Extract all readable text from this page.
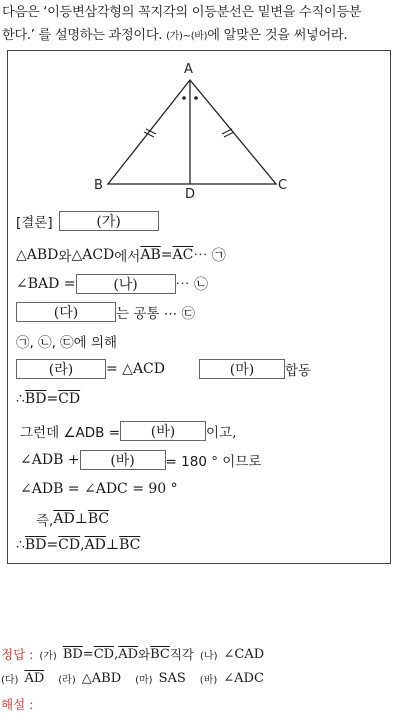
다음은 ‘이등변삼각형의 꼭지각의 이등분선은 밑변을 수직이등분
한다.’ 를 설명하는 과정이다. (가)~(바)에 알맞은 것을 써넣어라.
A
B	C
D
[결론]	(가)
△ABD 와 △ACD 에서 $\overline{AB} = \overline{AC}$ ⋯ ㉠
∠BAD =	(나)	⋯ ㉡
(다)	는 공통 ⋯ ㉢
㉠, ㉡, ㉢에 의해
(라)	= △ACD	(마)	합동
∴ $\overline{BD} = \overline{CD}$
그런데 ∠ADB =	(바)	이고,
∠ADB +	(바)	= 180 ° 이므로
∠ADB = ∠ADC = 90 °
즉, $\overline{AD}$ ⊥ $\overline{BC}$
∴ $\overline{BD} = \overline{CD}$ , $\overline{AD}$ ⊥ $\overline{BC}$
정답 : (가) $\overline{BD} = \overline{CD}$ , $\overline{AD}$ 와 $\overline{BC}$ 직각 (나) ∠CAD
(다) $\overline{AD}$ (라) △ABD (마) SAS (바) ∠ADC
해설 :
